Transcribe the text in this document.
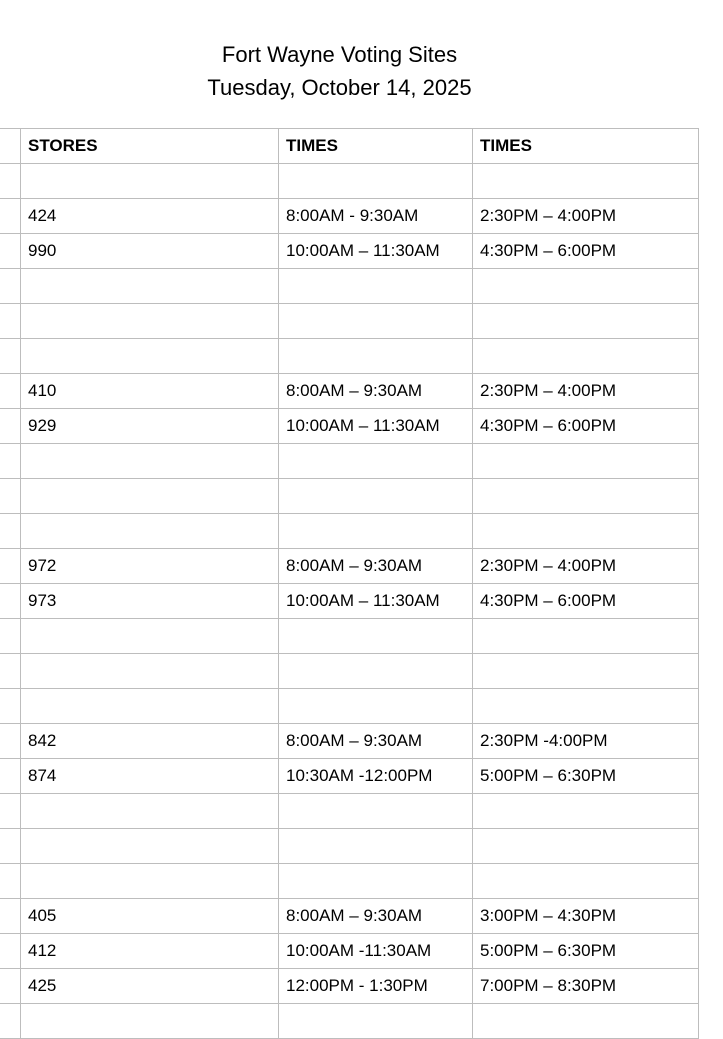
Fort Wayne Voting Sites
Tuesday, October 14, 2025
	STORES	TIMES	TIMES

	424	8:00AM - 9:30AM	2:30PM – 4:00PM
	990	10:00AM – 11:30AM	4:30PM – 6:00PM

	410	8:00AM – 9:30AM	2:30PM – 4:00PM
	929	10:00AM – 11:30AM	4:30PM – 6:00PM

	972	8:00AM – 9:30AM	2:30PM – 4:00PM
	973	10:00AM – 11:30AM	4:30PM – 6:00PM

	842	8:00AM – 9:30AM	2:30PM -4:00PM
	874	10:30AM -12:00PM	5:00PM – 6:30PM

	405	8:00AM – 9:30AM	3:00PM – 4:30PM
	412	10:00AM -11:30AM	5:00PM – 6:30PM
	425	12:00PM - 1:30PM	7:00PM – 8:30PM
